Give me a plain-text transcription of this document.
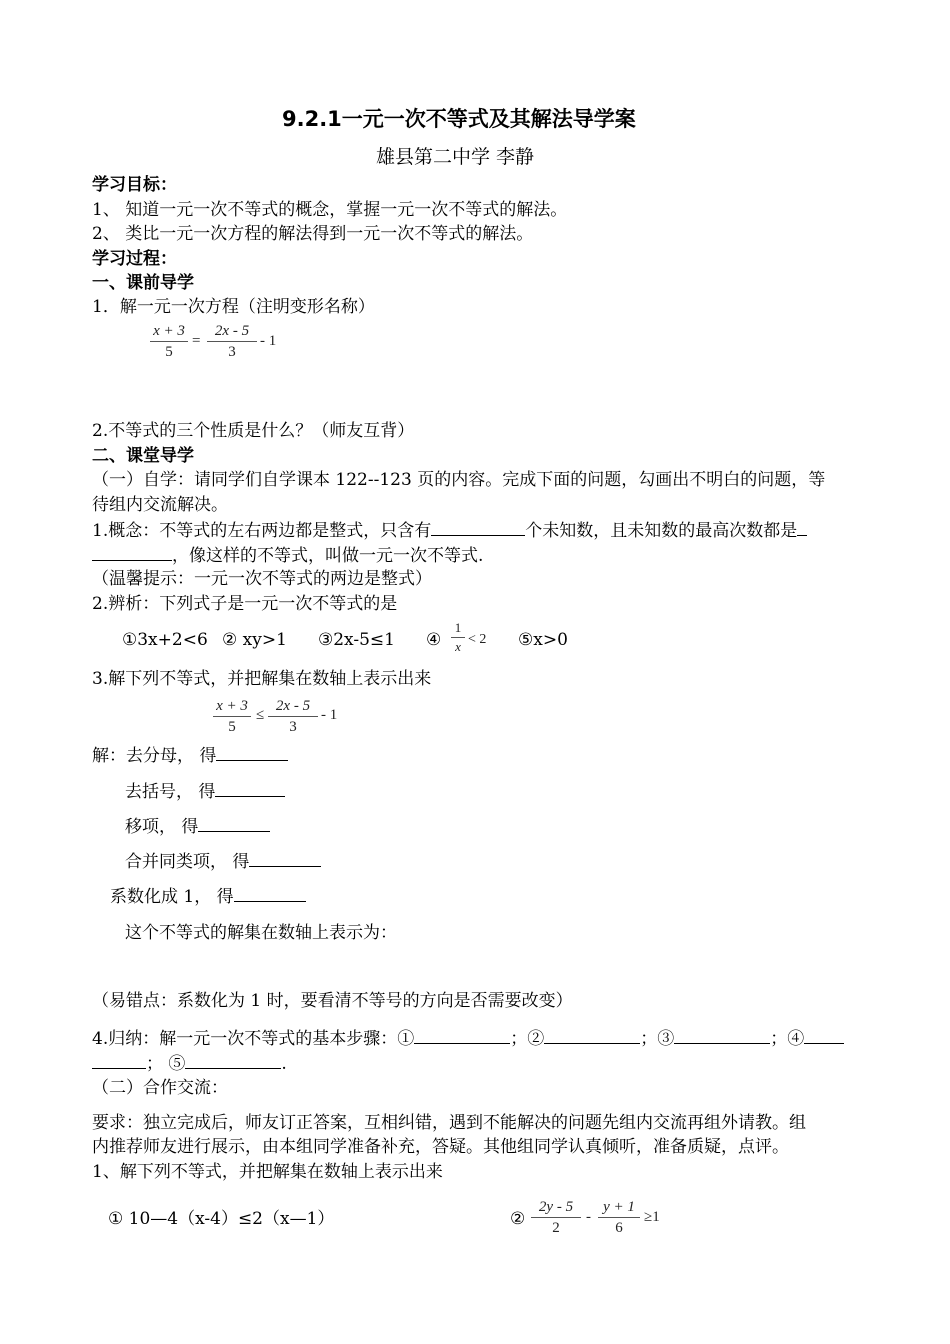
9.2.1一元一次不等式及其解法导学案
雄县第二中学 李静
学习目标：
1、 知道一元一次不等式的概念，掌握一元一次不等式的解法。
2、 类比一元一次方程的解法得到一元一次不等式的解法。
学习过程：
一、课前导学
1．解一元一次方程（注明变形名称）
x + 3
5
=
2x - 5
3
- 1
2.不等式的三个性质是什么？（师友互背）
二、课堂导学
（一）自学：请同学们自学课本 122--123 页的内容。完成下面的问题，勾画出不明白的问题，等
待组内交流解决。
1.概念：不等式的左右两边都是整式，只含有	个未知数，且未知数的最高次数都是
，像这样的不等式，叫做一元一次不等式.
（温馨提示：一元一次不等式的两边是整式）
2.辨析：下列式子是一元一次不等式的是
①3x+2<6 ② xy>1 ③2x-5≤1 ④
1
x < 2 ⑤x>0
3.解下列不等式，并把解集在数轴上表示出来
x + 3
5
≤
2x - 5
3
- 1
解：去分母， 得
去括号， 得
移项， 得
合并同类项， 得
系数化成 1， 得
这个不等式的解集在数轴上表示为：
（易错点：系数化为 1 时，要看清不等号的方向是否需要改变）
4.归纳：解一元一次不等式的基本步骤：①	；②	；③	；④
； ⑤	.
（二）合作交流：
要求：独立完成后，师友订正答案，互相纠错，遇到不能解决的问题先组内交流再组外请教。组
内推荐师友进行展示，由本组同学准备补充，答疑。其他组同学认真倾听，准备质疑，点评。
1、解下列不等式，并把解集在数轴上表示出来
① 10—4（x-4）≤2（x—1）	②
2y - 5
2
-
y + 1
6
≥1
